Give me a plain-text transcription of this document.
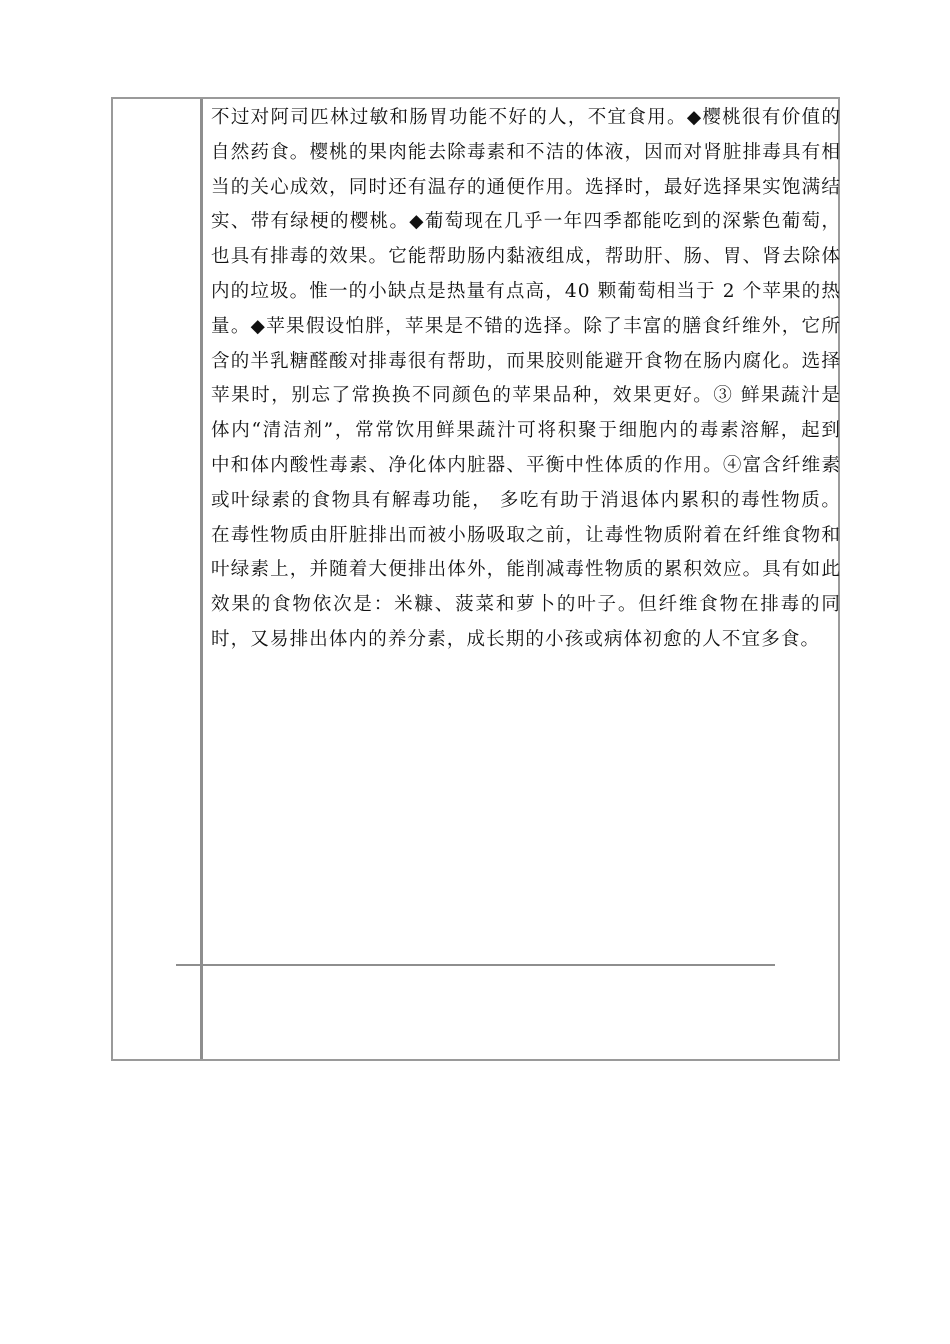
不过对阿司匹林过敏和肠胃功能不好的人，不宜食用。◆樱桃很有价值的自然药食。樱桃的果肉能去除毒素和不洁的体液，因而对肾脏排毒具有相当的关心成效，同时还有温存的通便作用。选择时，最好选择果实饱满结实、带有绿梗的樱桃。◆葡萄现在几乎一年四季都能吃到的深紫色葡萄，也具有排毒的效果。它能帮助肠内黏液组成，帮助肝、肠、胃、肾去除体内的垃圾。惟一的小缺点是热量有点高，40 颗葡萄相当于 2 个苹果的热量。◆苹果假设怕胖，苹果是不错的选择。除了丰富的膳食纤维外，它所含的半乳糖醛酸对排毒很有帮助，而果胶则能避开食物在肠内腐化。选择苹果时，别忘了常换换不同颜色的苹果品种，效果更好。③ 鲜果蔬汁是体内“清洁剂”，常常饮用鲜果蔬汁可将积聚于细胞内的毒素溶解，起到中和体内酸性毒素、净化体内脏器、平衡中性体质的作用。④富含纤维素或叶绿素的食物具有解毒功能， 多吃有助于消退体内累积的毒性物质。在毒性物质由肝脏排出而被小肠吸取之前，让毒性物质附着在纤维食物和叶绿素上，并随着大便排出体外，能削减毒性物质的累积效应。具有如此效果的食物依次是：米糠、菠菜和萝卜的叶子。但纤维食物在排毒的同时，又易排出体内的养分素，成长期的小孩或病体初愈的人不宜多食。
